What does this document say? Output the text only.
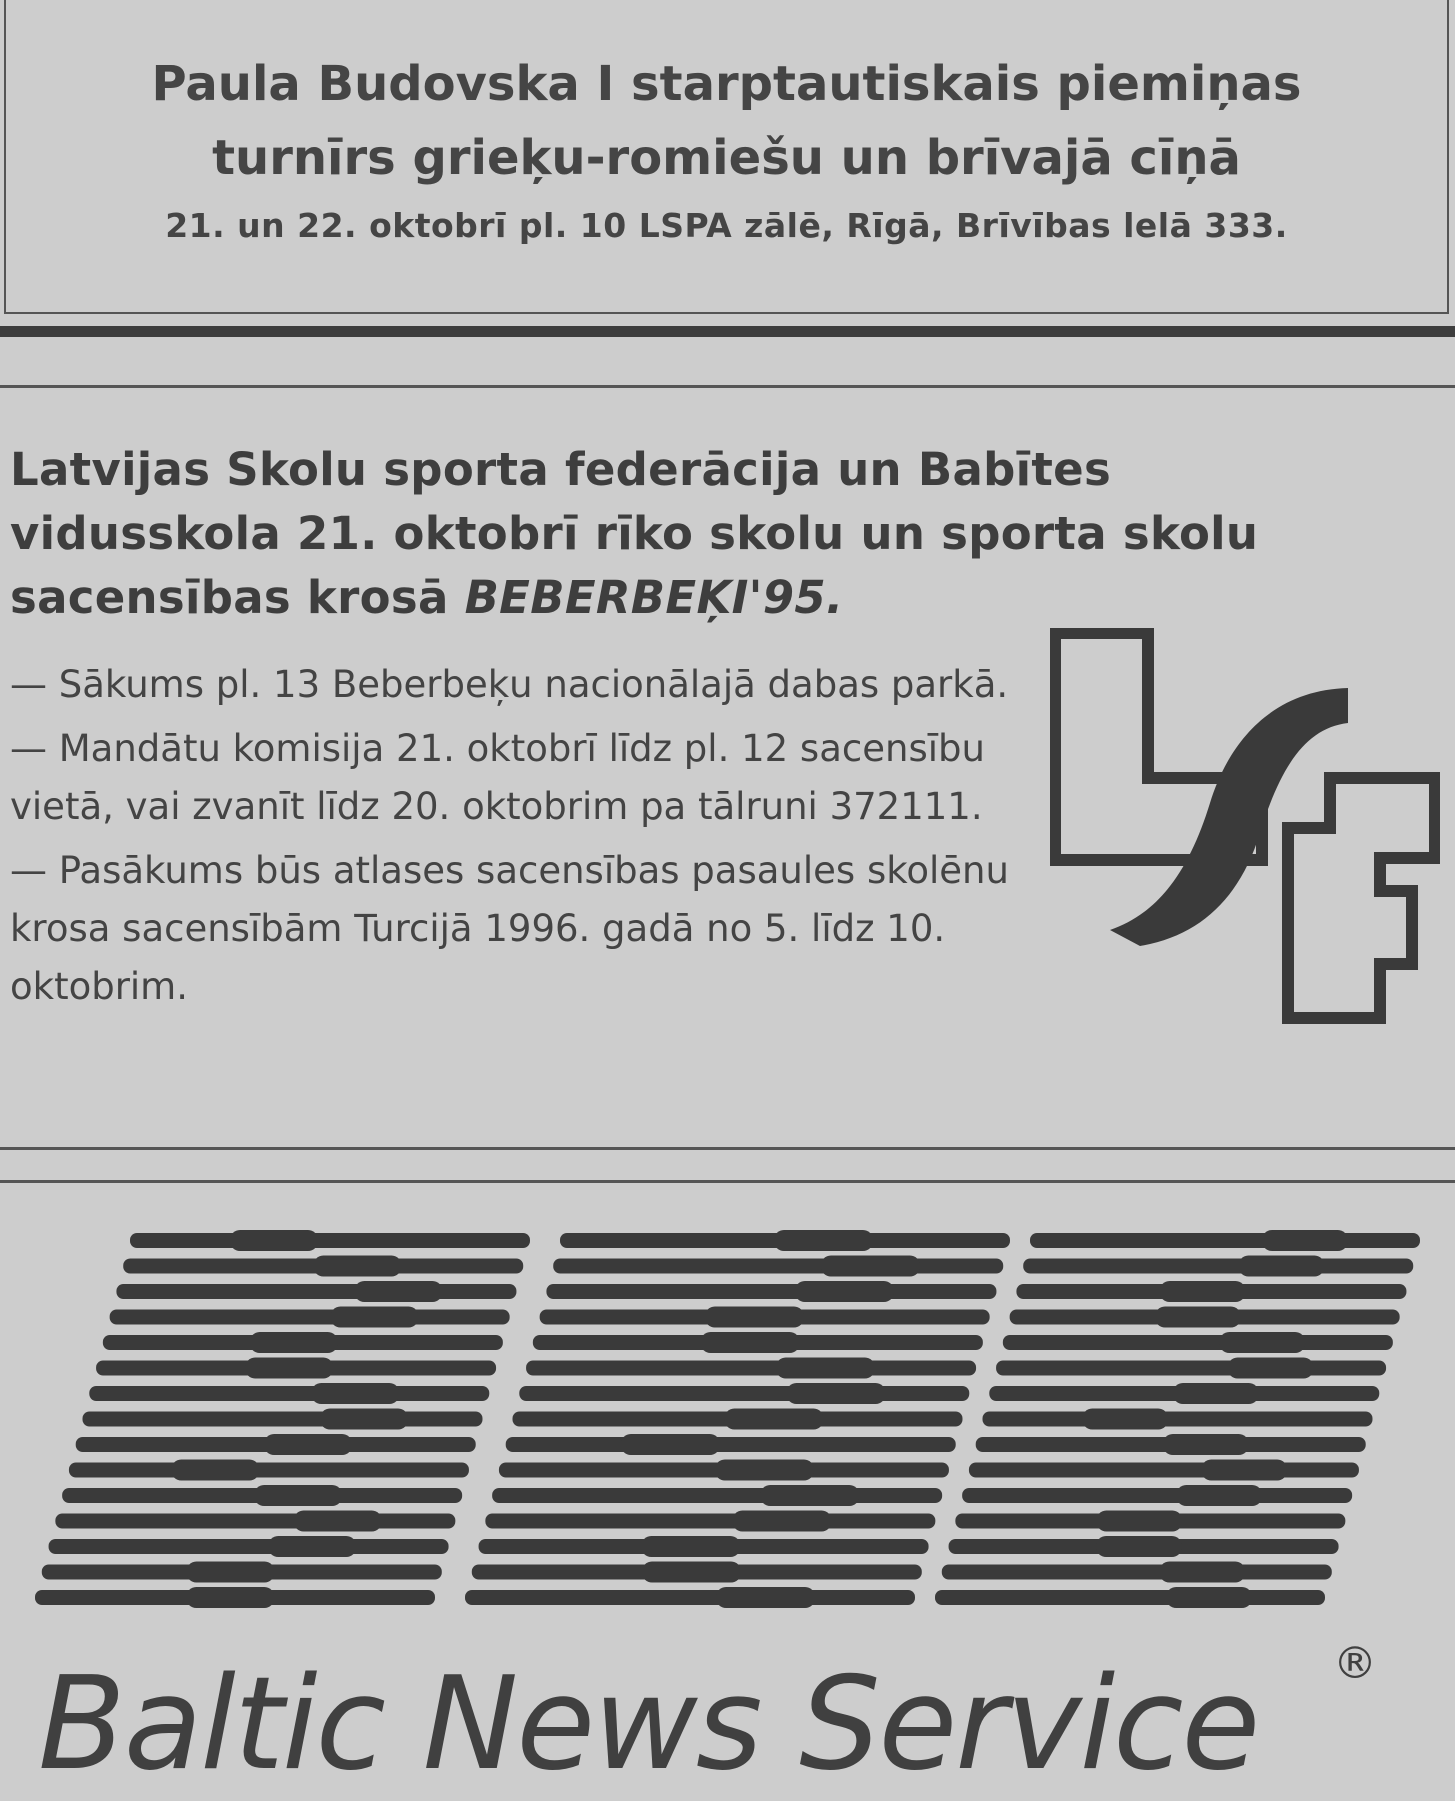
Paula Budovska I starptautiskais piemiņas
turnīrs grieķu-romiešu un brīvajā cīņā
21. un 22. oktobrī pl. 10 LSPA zālē, Rīgā, Brīvības lelā 333.
Latvijas Skolu sporta federācija un Babītes vidusskola 21. oktobrī rīko skolu un sporta skolu sacensības krosā BEBERBEĶI'95.

— Sākums pl. 13 Beberbeķu nacionālajā dabas parkā.

— Mandātu komisija 21. oktobrī līdz pl. 12 sacensību vietā, vai zvanīt līdz 20. oktobrim pa tālruni 372111.

— Pasākums būs atlases sacensības pasaules skolēnu krosa sacensībām Turcijā 1996. gadā no 5. līdz 10. oktobrim.

Baltic News Service ®
